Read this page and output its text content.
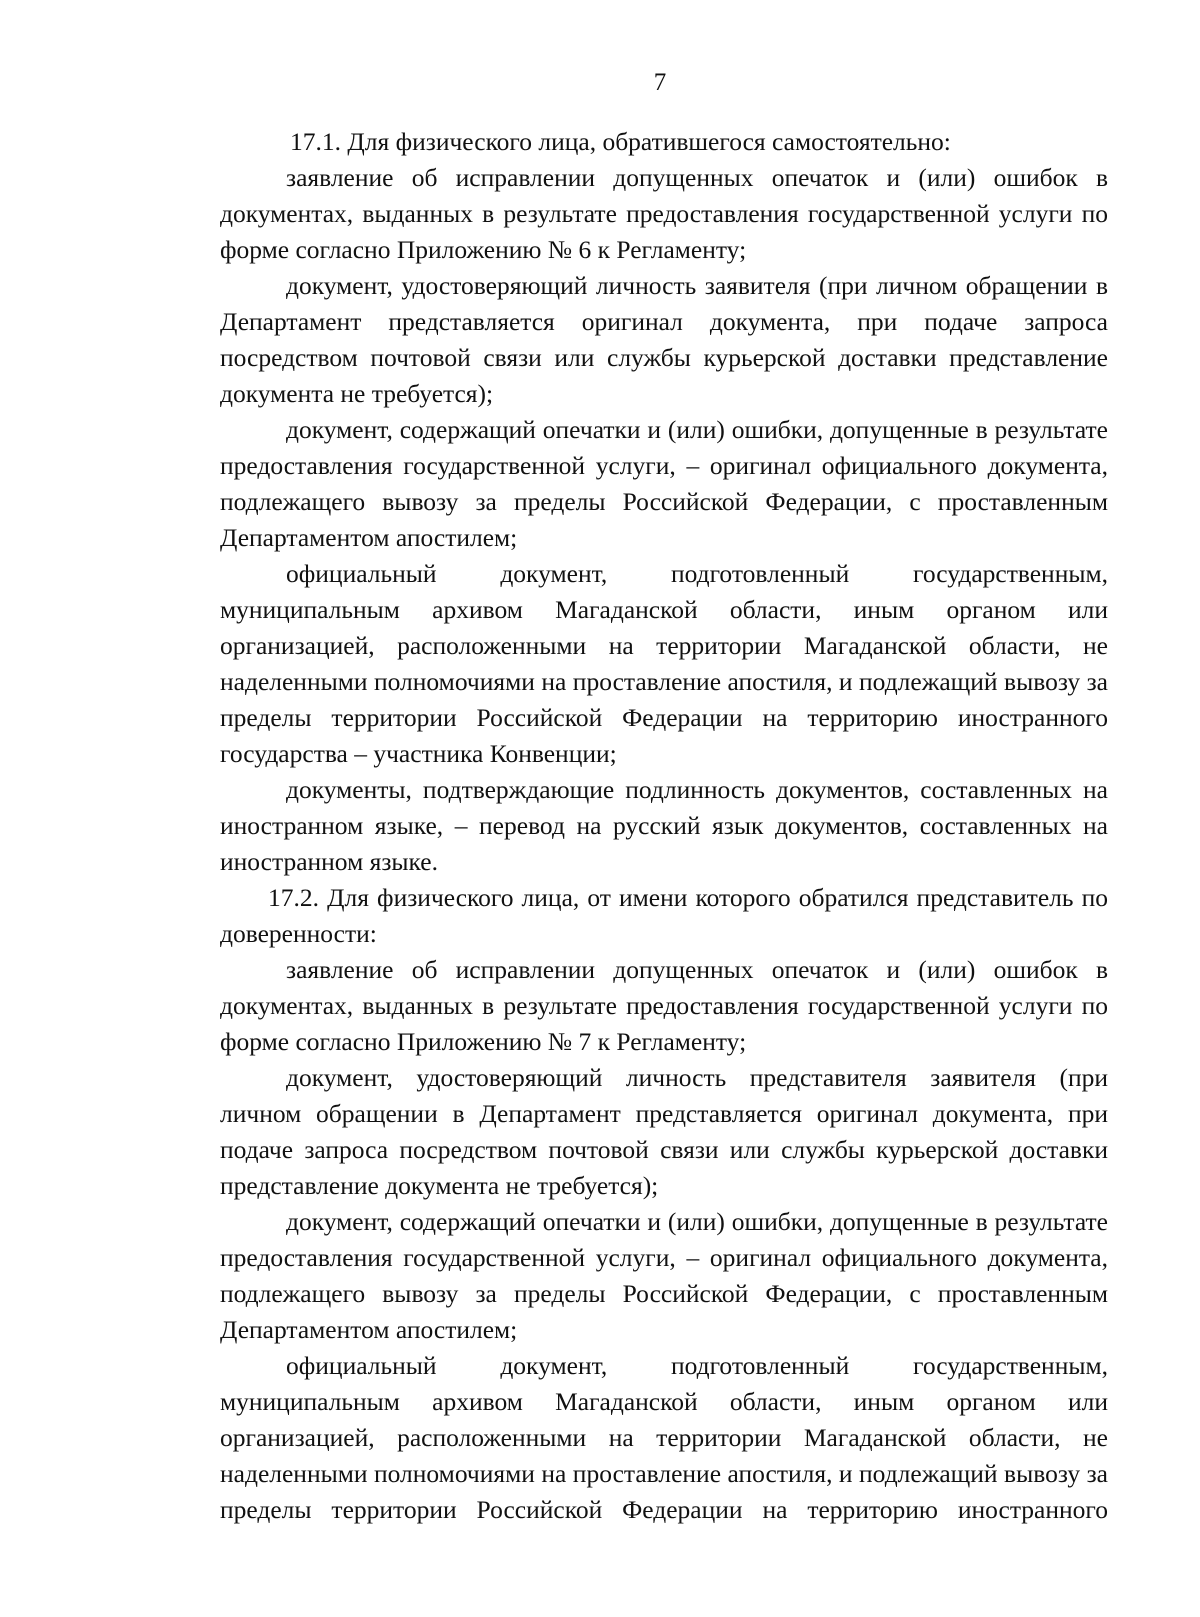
7

17.1. Для физического лица, обратившегося самостоятельно:

заявление об исправлении допущенных опечаток и (или) ошибок в документах, выданных в результате предоставления государственной услуги по форме согласно Приложению № 6 к Регламенту;

документ, удостоверяющий личность заявителя (при личном обращении в Департамент представляется оригинал документа, при подаче запроса посредством почтовой связи или службы курьерской доставки представление документа не требуется);

документ, содержащий опечатки и (или) ошибки, допущенные в результате предоставления государственной услуги, – оригинал официального документа, подлежащего вывозу за пределы Российской Федерации, с проставленным Департаментом апостилем;

официальный документ, подготовленный государственным, муниципальным архивом Магаданской области, иным органом или организацией, расположенными на территории Магаданской области, не наделенными полномочиями на проставление апостиля, и подлежащий вывозу за пределы территории Российской Федерации на территорию иностранного государства – участника Конвенции;

документы, подтверждающие подлинность документов, составленных на иностранном языке, – перевод на русский язык документов, составленных на иностранном языке.

17.2. Для физического лица, от имени которого обратился представитель по доверенности:

заявление об исправлении допущенных опечаток и (или) ошибок в документах, выданных в результате предоставления государственной услуги по форме согласно Приложению № 7 к Регламенту;

документ, удостоверяющий личность представителя заявителя (при личном обращении в Департамент представляется оригинал документа, при подаче запроса посредством почтовой связи или службы курьерской доставки представление документа не требуется);

документ, содержащий опечатки и (или) ошибки, допущенные в результате предоставления государственной услуги, – оригинал официального документа, подлежащего вывозу за пределы Российской Федерации, с проставленным Департаментом апостилем;

официальный документ, подготовленный государственным, муниципальным архивом Магаданской области, иным органом или организацией, расположенными на территории Магаданской области, не наделенными полномочиями на проставление апостиля, и подлежащий вывозу за пределы территории Российской Федерации на территорию иностранного
